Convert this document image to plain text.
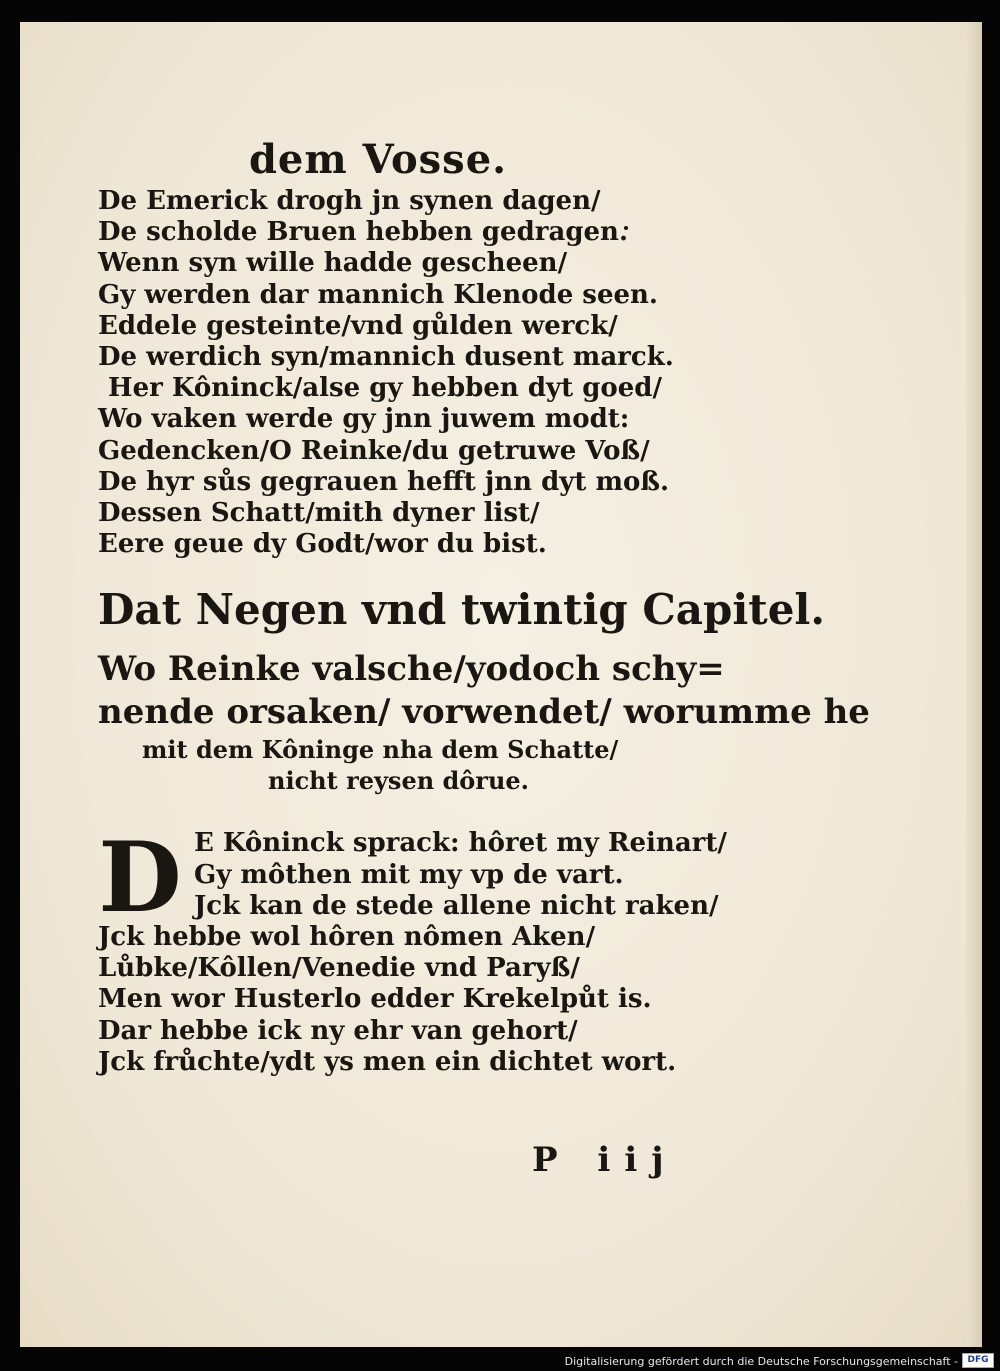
dem Vosse.

De Emerick drogh jn synen dagen/

De scholde Bruen hebben gedragen.

Wenn syn wille hadde gescheen/

Gy werden dar mannich Klenode seen.

Eddele gesteinte/vnd gůlden werck/

De werdich syn/mannich dusent marck.

Her Kôninck/alse gy hebben dyt goed/

Wo vaken werde gy jnn juwem modt:

Gedencken/O Reinke/du getruwe Voß/

De hyr sůs gegrauen hefft jnn dyt moß.

Dessen Schatt/mith dyner list/

Eere geue dy Godt/wor du bist.

Dat Negen vnd twintig Capitel.

Wo Reinke valsche/yodoch schy=

nende orsaken/ vorwendet/ worumme he

mit dem Kôninge nha dem Schatte/

nicht reysen dôrue.

D E Kôninck sprack: hôret my Reinart/

Gy môthen mit my vp de vart.

Jck kan de stede allene nicht raken/

Jck hebbe wol hôren nômen Aken/

Lůbke/Kôllen/Venedie vnd Paryß/

Men wor Husterlo edder Krekelpůt is.

Dar hebbe ick ny ehr van gehort/

Jck frůchte/ydt ys men ein dichtet wort.

P iij
Digitalisierung gefördert durch die Deutsche Forschungsgemeinschaft -	DFG
